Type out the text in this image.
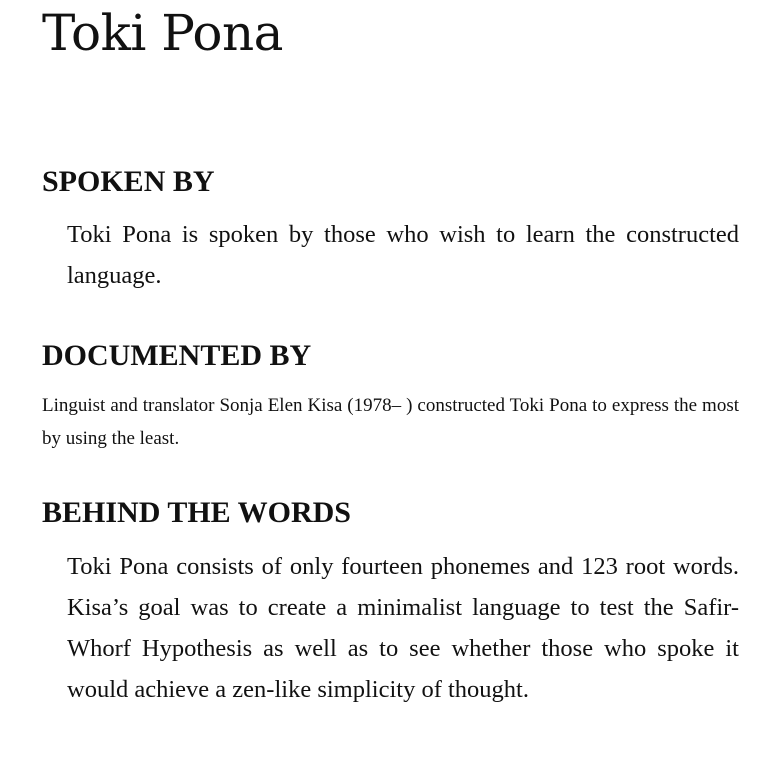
Toki Pona
SPOKEN BY

Toki Pona is spoken by those who wish to learn the constructed language.

DOCUMENTED BY

Linguist and translator Sonja Elen Kisa (1978– ) constructed Toki Pona to express the most by using the least.

BEHIND THE WORDS

Toki Pona consists of only fourteen phonemes and 123 root words. Kisa’s goal was to create a minimalist language to test the Safir-Whorf Hypothesis as well as to see whether those who spoke it would achieve a zen-like simplicity of thought.
